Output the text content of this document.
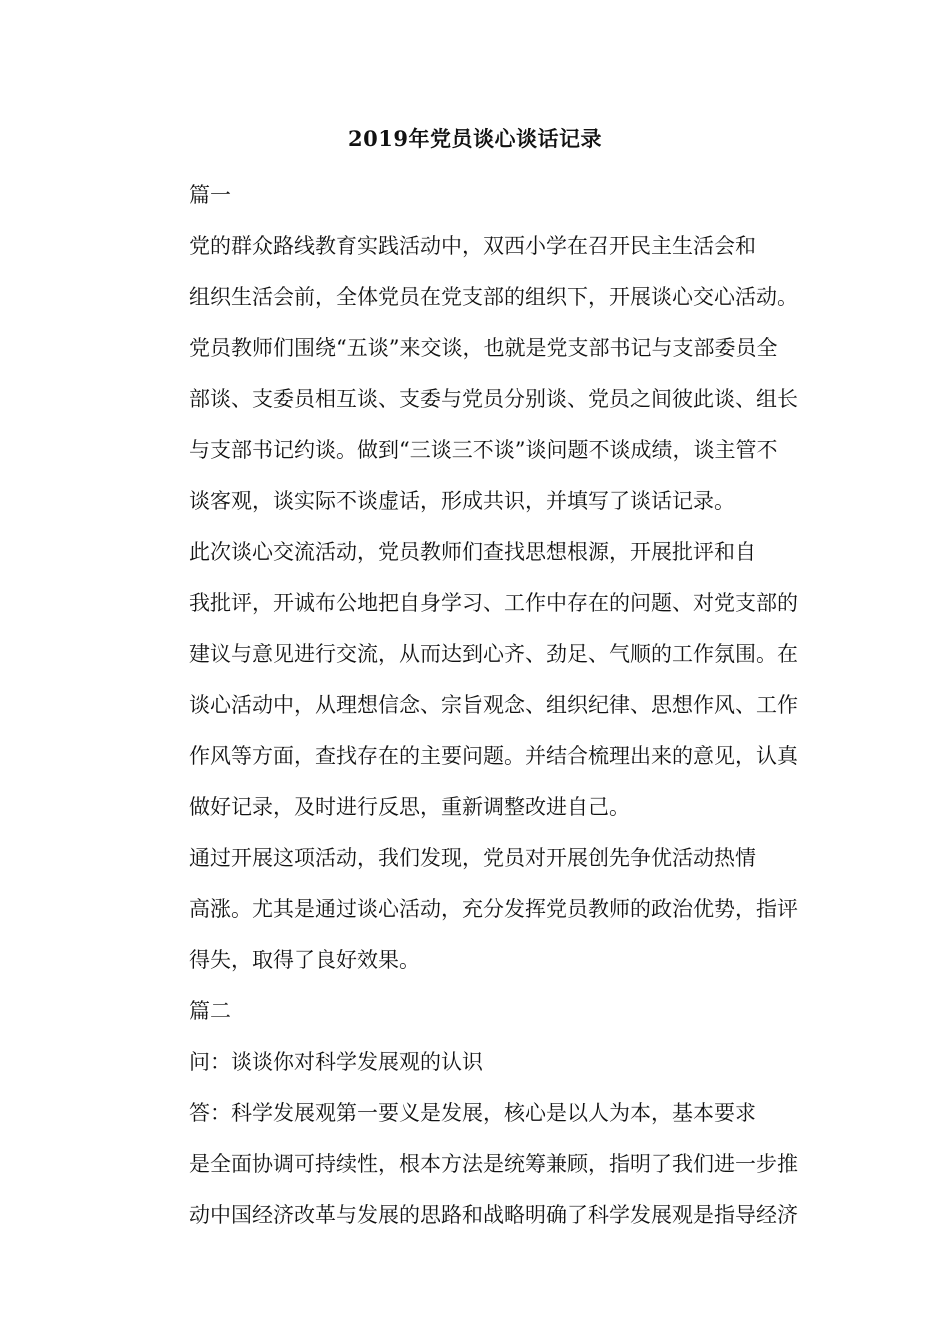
2019年党员谈心谈话记录

篇一

党的群众路线教育实践活动中，双西小学在召开民主生活会和
组织生活会前，全体党员在党支部的组织下，开展谈心交心活动。
党员教师们围绕“五谈”来交谈，也就是党支部书记与支部委员全
部谈、支委员相互谈、支委与党员分别谈、党员之间彼此谈、组长
与支部书记约谈。做到“三谈三不谈”谈问题不谈成绩，谈主管不
谈客观，谈实际不谈虚话，形成共识，并填写了谈话记录。

此次谈心交流活动，党员教师们查找思想根源，开展批评和自
我批评，开诚布公地把自身学习、工作中存在的问题、对党支部的
建议与意见进行交流，从而达到心齐、劲足、气顺的工作氛围。在
谈心活动中，从理想信念、宗旨观念、组织纪律、思想作风、工作
作风等方面，查找存在的主要问题。并结合梳理出来的意见，认真
做好记录，及时进行反思，重新调整改进自己。

通过开展这项活动，我们发现，党员对开展创先争优活动热情
高涨。尤其是通过谈心活动，充分发挥党员教师的政治优势，指评
得失，取得了良好效果。

篇二

问：谈谈你对科学发展观的认识

答：科学发展观第一要义是发展，核心是以人为本，基本要求
是全面协调可持续性，根本方法是统筹兼顾，指明了我们进一步推
动中国经济改革与发展的思路和战略明确了科学发展观是指导经济
